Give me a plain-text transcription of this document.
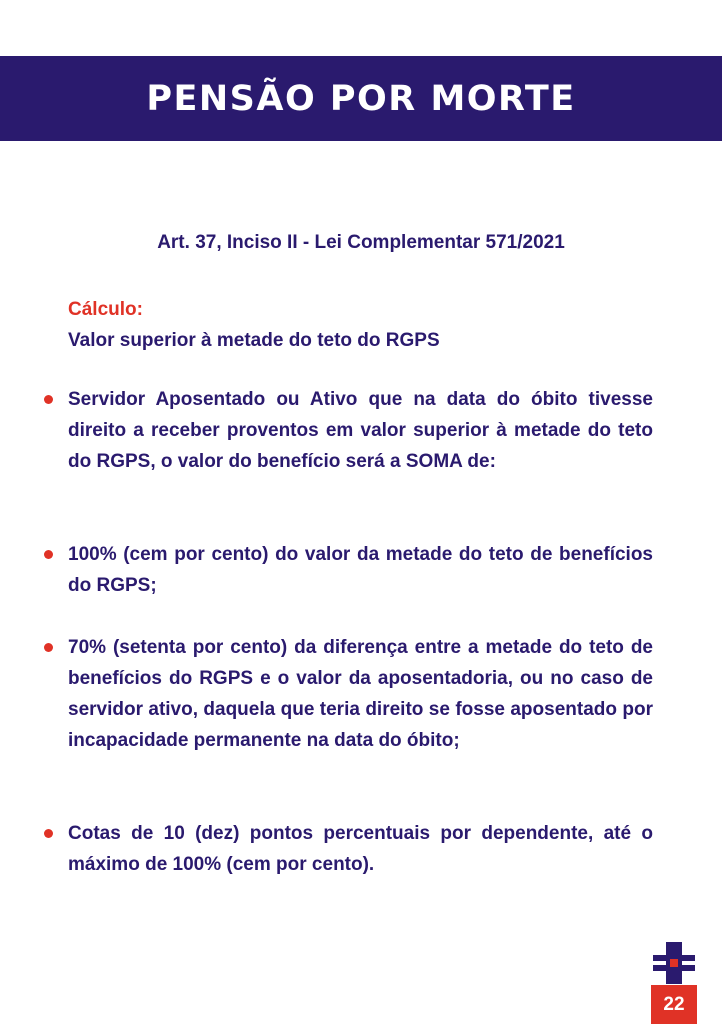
PENSÃO POR MORTE
Art. 37, Inciso II - Lei Complementar 571/2021
Cálculo:
Valor superior à metade do teto do RGPS
Servidor Aposentado ou Ativo que na data do óbito tivesse direito a receber proventos em valor superior à metade do teto do RGPS, o valor do benefício será a SOMA de:
100% (cem por cento) do valor da metade do teto de benefícios do RGPS;
70% (setenta por cento) da diferença entre a metade do teto de benefícios do RGPS e o valor da aposentadoria, ou no caso de servidor ativo, daquela que teria direito se fosse aposentado por incapacidade permanente na data do óbito;
Cotas de 10 (dez) pontos percentuais por dependente, até o máximo de 100% (cem por cento).
22
